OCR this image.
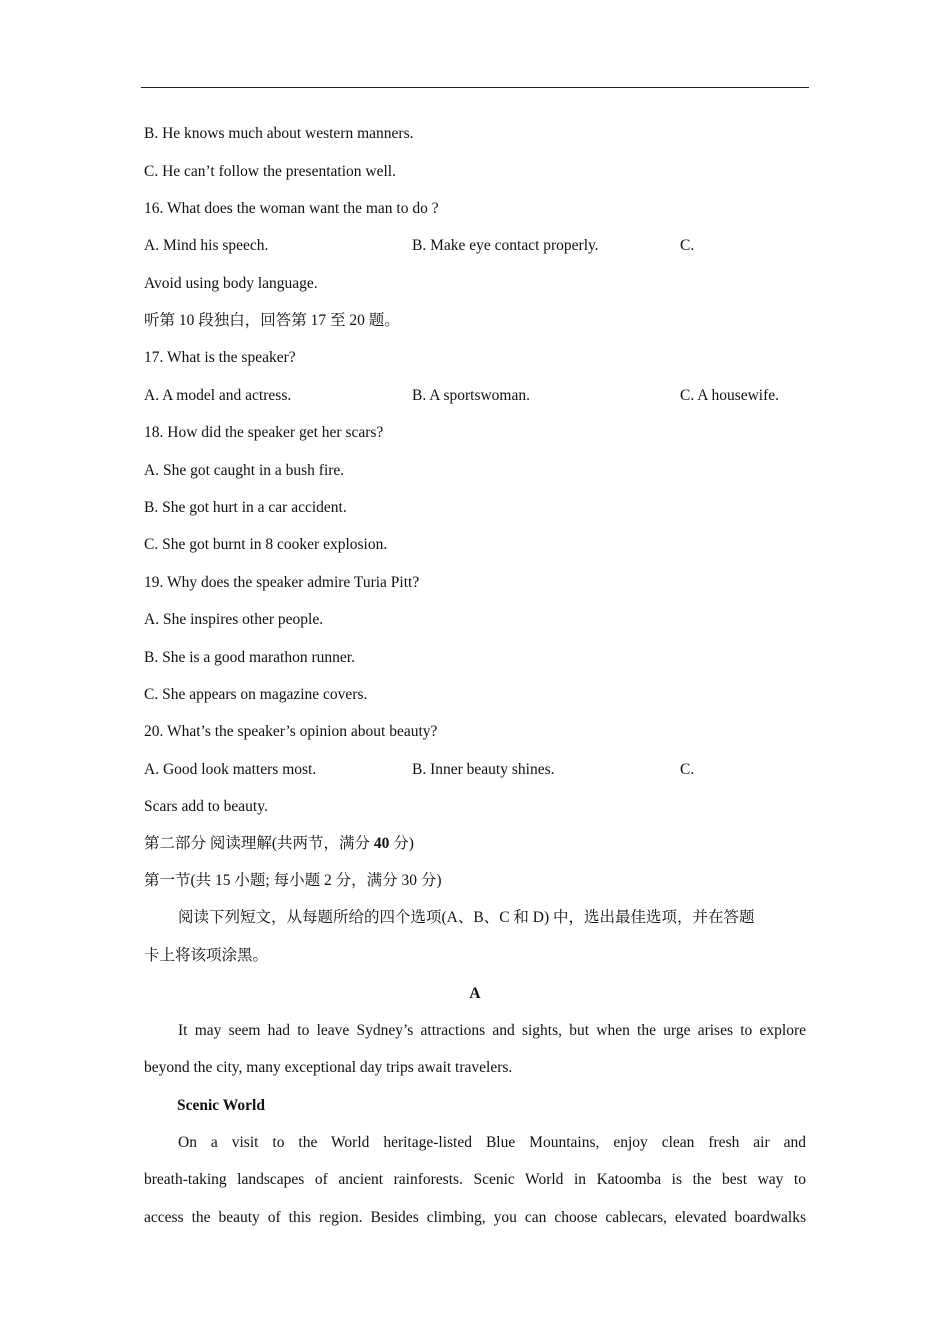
B. He knows much about western manners.
C. He can’t follow the presentation well.
16. What does the woman want the man to do ?
A. Mind his speech.	B. Make eye contact properly.	C.
Avoid using body language.
听第 10 段独白，回答第 17 至 20 题。
17. What is the speaker?
A. A model and actress.	B. A sportswoman.	C. A housewife.
18. How did the speaker get her scars?
A. She got caught in a bush fire.
B. She got hurt in a car accident.
C. She got burnt in 8 cooker explosion.
19. Why does the speaker admire Turia Pitt?
A. She inspires other people.
B. She is a good marathon runner.
C. She appears on magazine covers.
20. What’s the speaker’s opinion about beauty?
A. Good look matters most.	B. Inner beauty shines.	C.
Scars add to beauty.
第二部分 阅读理解(共两节，满分 40 分)
第一节(共 15 小题; 每小题 2 分，满分 30 分)
阅读下列短文，从每题所给的四个选项(A、B、C 和 D) 中，选出最佳选项，并在答题
卡上将该项涂黑。
A
It may seem had to leave Sydney’s attractions and sights, but when the urge arises to explore
beyond the city, many exceptional day trips await travelers.
Scenic World
On a visit to the World heritage-listed Blue Mountains, enjoy clean fresh air and
breath-taking landscapes of ancient rainforests. Scenic World in Katoomba is the best way to
access the beauty of this region. Besides climbing, you can choose cablecars, elevated boardwalks
